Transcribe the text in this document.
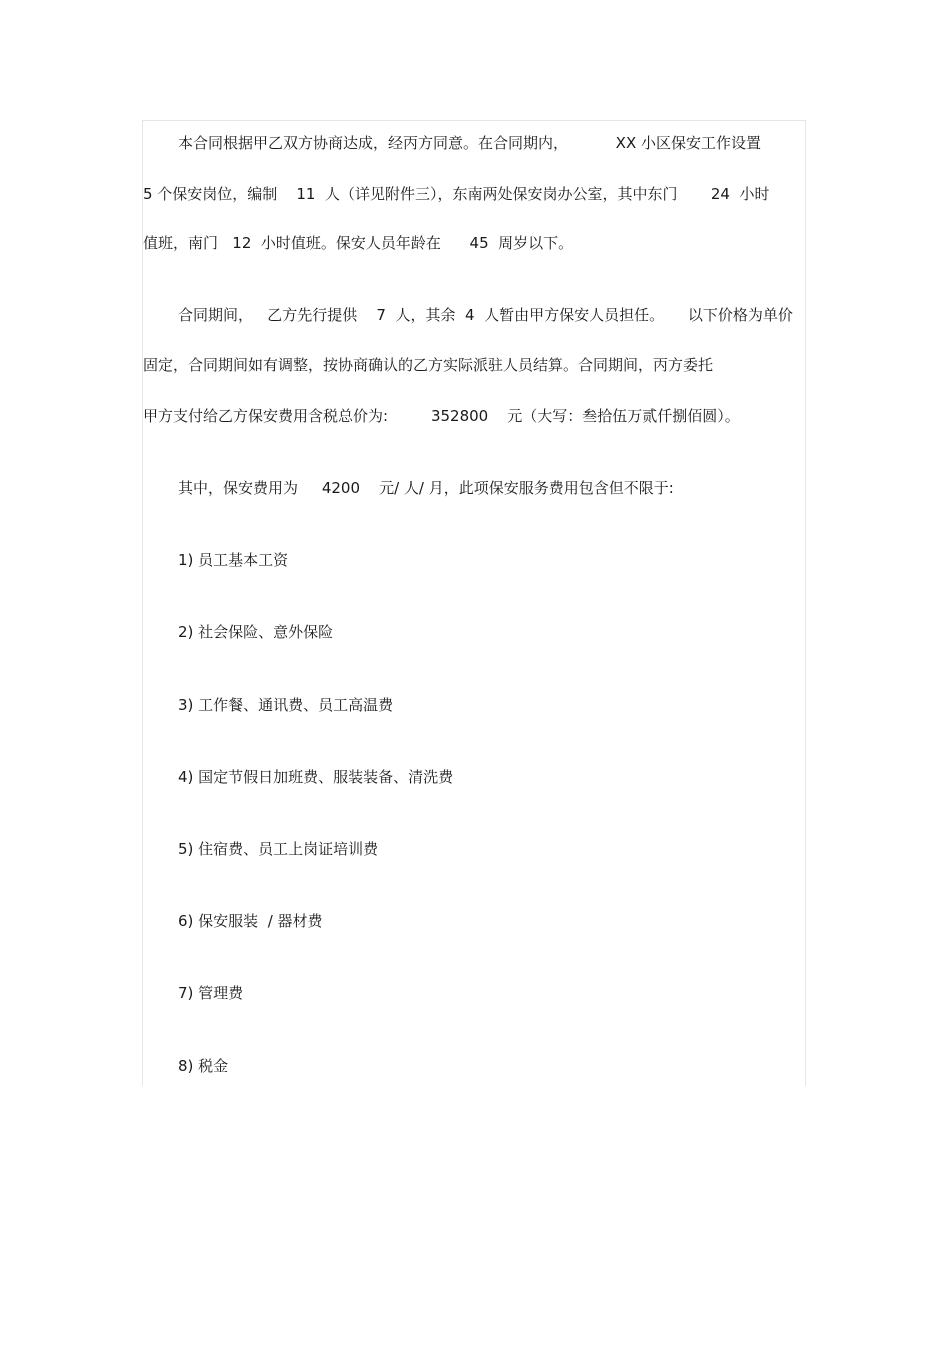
本合同根据甲乙双方协商达成，经丙方同意。在合同期内，          XX 小区保安工作设置
5 个保安岗位，编制    11  人（详见附件三），东南两处保安岗办公室，其中东门       24  小时
值班，南门   12  小时值班。保安人员年龄在      45  周岁以下。
合同期间，   乙方先行提供    7  人，其余  4  人暂由甲方保安人员担任。     以下价格为单价
固定，合同期间如有调整，按协商确认的乙方实际派驻人员结算。合同期间，丙方委托
甲方支付给乙方保安费用含税总价为:         352800    元（大写：叁拾伍万贰仟捌佰圆）。
其中，保安费用为     4200    元/ 人/ 月，此项保安服务费用包含但不限于:
1) 员工基本工资
2) 社会保险、意外保险
3) 工作餐、通讯费、员工高温费
4) 国定节假日加班费、服装装备、清洗费
5) 住宿费、员工上岗证培训费
6) 保安服装  / 器材费
7) 管理费
8) 税金
